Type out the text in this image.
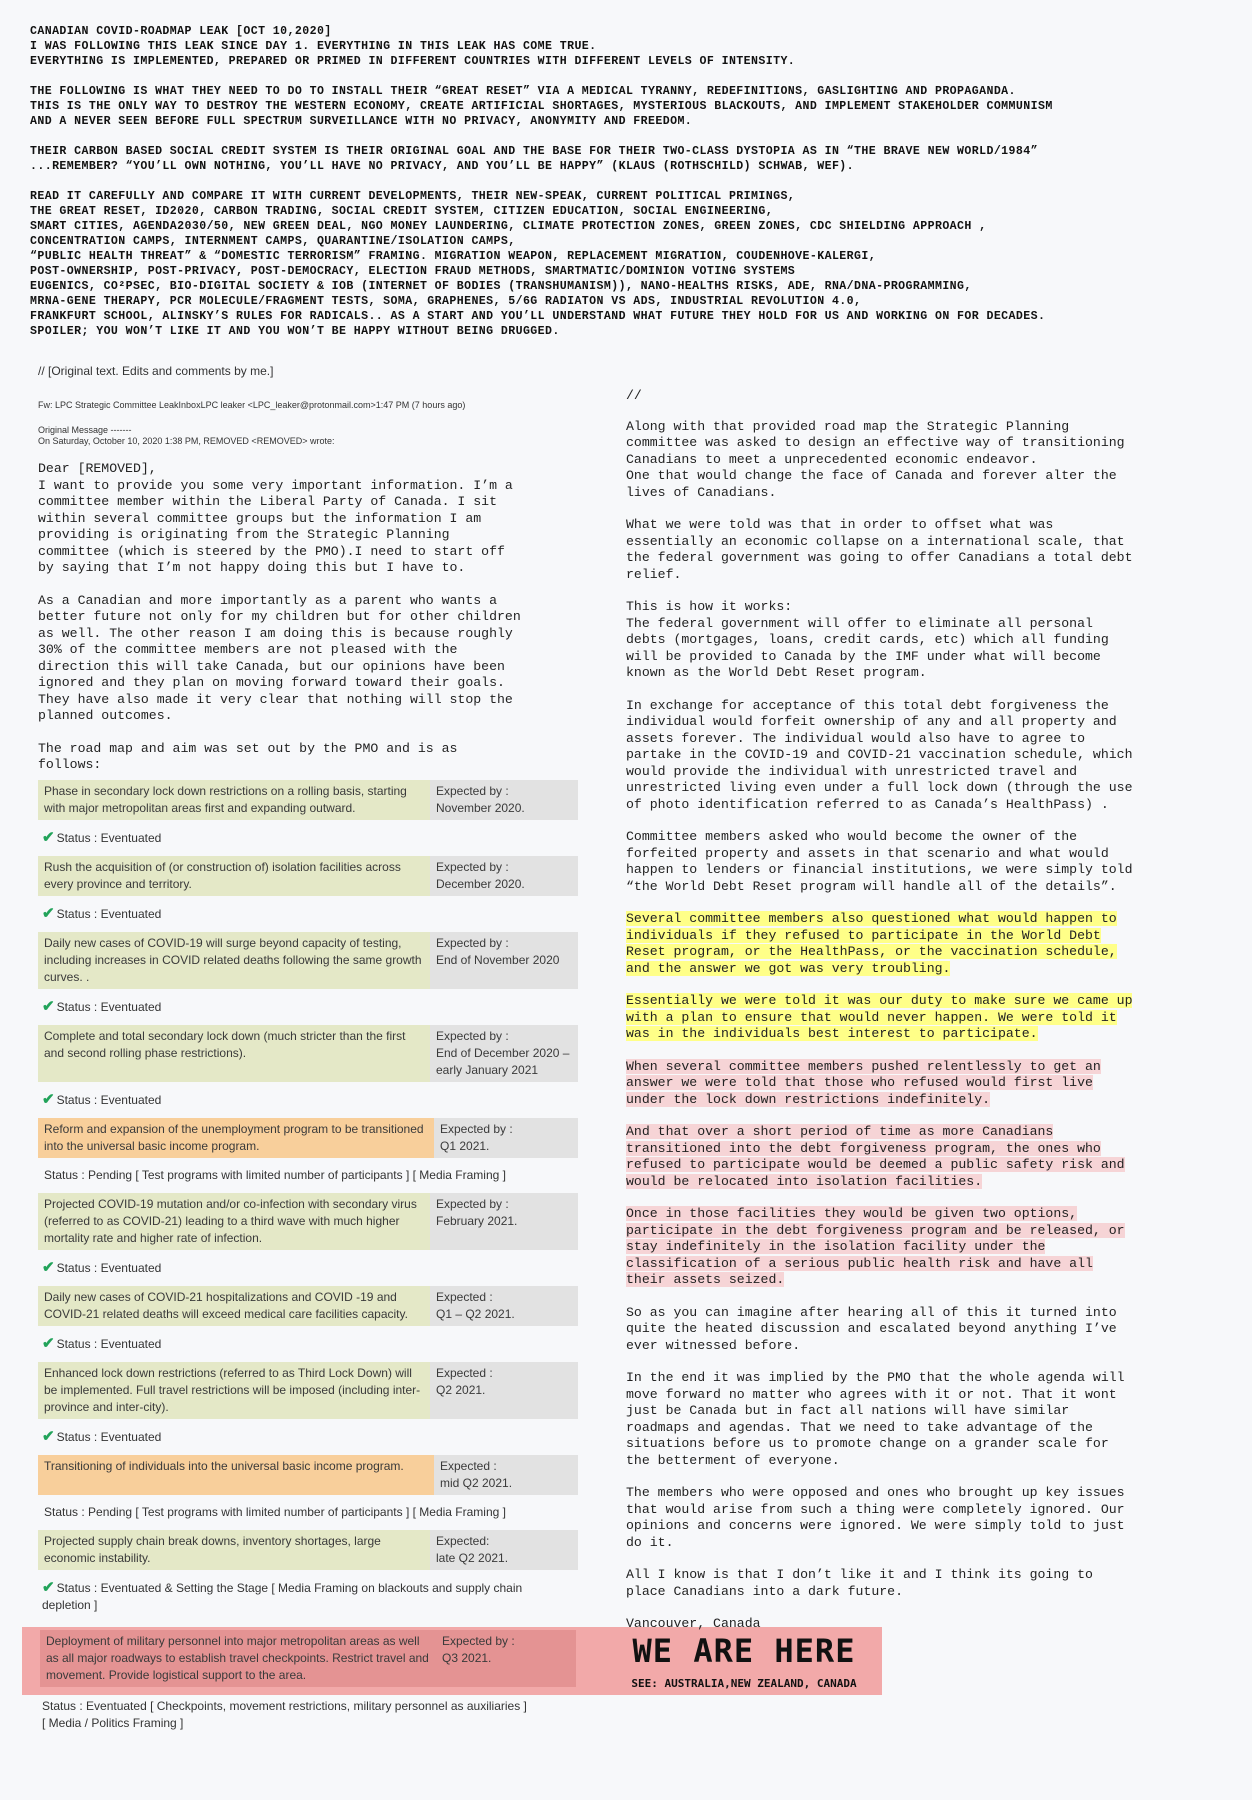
CANADIAN COVID-ROADMAP LEAK [OCT 10,2020]
I WAS FOLLOWING THIS LEAK SINCE DAY 1. EVERYTHING IN THIS LEAK HAS COME TRUE.
EVERYTHING IS IMPLEMENTED, PREPARED OR PRIMED IN DIFFERENT COUNTRIES WITH DIFFERENT LEVELS OF INTENSITY.
THE FOLLOWING IS WHAT THEY NEED TO DO TO INSTALL THEIR “GREAT RESET” VIA A MEDICAL TYRANNY, REDEFINITIONS, GASLIGHTING AND PROPAGANDA.
THIS IS THE ONLY WAY TO DESTROY THE WESTERN ECONOMY, CREATE ARTIFICIAL SHORTAGES, MYSTERIOUS BLACKOUTS, AND IMPLEMENT STAKEHOLDER COMMUNISM
AND A NEVER SEEN BEFORE FULL SPECTRUM SURVEILLANCE WITH NO PRIVACY, ANONYMITY AND FREEDOM.
THEIR CARBON BASED SOCIAL CREDIT SYSTEM IS THEIR ORIGINAL GOAL AND THE BASE FOR THEIR TWO-CLASS DYSTOPIA AS IN “THE BRAVE NEW WORLD/1984”
...REMEMBER? “YOU’LL OWN NOTHING, YOU’LL HAVE NO PRIVACY, AND YOU’LL BE HAPPY” (KLAUS (ROTHSCHILD) SCHWAB, WEF).
READ IT CAREFULLY AND COMPARE IT WITH CURRENT DEVELOPMENTS, THEIR NEW-SPEAK, CURRENT POLITICAL PRIMINGS,
THE GREAT RESET, ID2020, CARBON TRADING, SOCIAL CREDIT SYSTEM, CITIZEN EDUCATION, SOCIAL ENGINEERING,
SMART CITIES, AGENDA2030/50, NEW GREEN DEAL, NGO MONEY LAUNDERING, CLIMATE PROTECTION ZONES, GREEN ZONES, CDC SHIELDING APPROACH ,
CONCENTRATION CAMPS, INTERNMENT CAMPS, QUARANTINE/ISOLATION CAMPS,
“PUBLIC HEALTH THREAT” & “DOMESTIC TERRORISM” FRAMING. MIGRATION WEAPON, REPLACEMENT MIGRATION, COUDENHOVE-KALERGI,
POST-OWNERSHIP, POST-PRIVACY, POST-DEMOCRACY, ELECTION FRAUD METHODS, SMARTMATIC/DOMINION VOTING SYSTEMS
EUGENICS, CO²PSEC, BIO-DIGITAL SOCIETY & IOB (INTERNET OF BODIES (TRANSHUMANISM)), NANO-HEALTHS RISKS, ADE, RNA/DNA-PROGRAMMING,
MRNA-GENE THERAPY, PCR MOLECULE/FRAGMENT TESTS, SOMA, GRAPHENES, 5/6G RADIATON VS ADS, INDUSTRIAL REVOLUTION 4.0,
FRANKFURT SCHOOL, ALINSKY’S RULES FOR RADICALS.. AS A START AND YOU’LL UNDERSTAND WHAT FUTURE THEY HOLD FOR US AND WORKING ON FOR DECADES.
SPOILER; YOU WON’T LIKE IT AND YOU WON’T BE HAPPY WITHOUT BEING DRUGGED.
// [Original text. Edits and comments by me.]
Fw: LPC Strategic Committee LeakInboxLPC leaker <LPC_leaker@protonmail.com>1:47 PM (7 hours ago)
Original Message -------
On Saturday, October 10, 2020 1:38 PM, REMOVED <REMOVED> wrote:
Dear [REMOVED],
I want to provide you some very important information. I’m a
committee member within the Liberal Party of Canada. I sit
within several committee groups but the information I am
providing is originating from the Strategic Planning
committee (which is steered by the PMO).I need to start off
by saying that I’m not happy doing this but I have to.
As a Canadian and more importantly as a parent who wants a
better future not only for my children but for other children
as well. The other reason I am doing this is because roughly
30% of the committee members are not pleased with the
direction this will take Canada, but our opinions have been
ignored and they plan on moving forward toward their goals.
They have also made it very clear that nothing will stop the
planned outcomes.
The road map and aim was set out by the PMO and is as
follows:
Phase in secondary lock down restrictions on a rolling basis, starting with major metropolitan areas first and expanding outward.
Expected by :
November 2020.
✔ Status : Eventuated
Rush the acquisition of (or construction of) isolation facilities across every province and territory.
Expected by :
December 2020.
✔ Status : Eventuated
Daily new cases of COVID-19 will surge beyond capacity of testing, including increases in COVID related deaths following the same growth curves. .
Expected by :
End of November 2020
✔ Status : Eventuated
Complete and total secondary lock down (much stricter than the first and second rolling phase restrictions).
Expected by :
End of December 2020 –
early January 2021
✔ Status : Eventuated
Reform and expansion of the unemployment program to be transitioned into the universal basic income program.
Expected by :
Q1 2021.
Status : Pending [ Test programs with limited number of participants ] [ Media Framing ]
Projected COVID-19 mutation and/or co-infection with secondary virus (referred to as COVID-21) leading to a third wave with much higher mortality rate and higher rate of infection.
Expected by :
February 2021.
✔ Status : Eventuated
Daily new cases of COVID-21 hospitalizations and COVID -19 and COVID-21 related deaths will exceed medical care facilities capacity.
Expected :
Q1 – Q2 2021.
✔ Status : Eventuated
Enhanced lock down restrictions (referred to as Third Lock Down) will be implemented. Full travel restrictions will be imposed (including inter-province and inter-city).
Expected :
Q2 2021.
✔ Status : Eventuated
Transitioning of individuals into the universal basic income program.	Expected :
mid Q2 2021.
Status : Pending [ Test programs with limited number of participants ] [ Media Framing ]
Projected supply chain break downs, inventory shortages, large economic instability.
Expected:
late Q2 2021.
✔ Status : Eventuated & Setting the Stage [ Media Framing on blackouts and supply chain depletion ]
Deployment of military personnel into major metropolitan areas as well as all major roadways to establish travel checkpoints. Restrict travel and movement. Provide logistical support to the area.
Expected by :
Q3 2021.	WE ARE HERE
SEE: AUSTRALIA,NEW ZEALAND, CANADA
Status : Eventuated [ Checkpoints, movement restrictions, military personnel as auxiliaries ]
[ Media / Politics Framing ]
//
Along with that provided road map the Strategic Planning
committee was asked to design an effective way of transitioning
Canadians to meet a unprecedented economic endeavor.
One that would change the face of Canada and forever alter the
lives of Canadians.
What we were told was that in order to offset what was
essentially an economic collapse on a international scale, that
the federal government was going to offer Canadians a total debt
relief.
This is how it works:
The federal government will offer to eliminate all personal
debts (mortgages, loans, credit cards, etc) which all funding
will be provided to Canada by the IMF under what will become
known as the World Debt Reset program.
In exchange for acceptance of this total debt forgiveness the
individual would forfeit ownership of any and all property and
assets forever. The individual would also have to agree to
partake in the COVID-19 and COVID-21 vaccination schedule, which
would provide the individual with unrestricted travel and
unrestricted living even under a full lock down (through the use
of photo identification referred to as Canada’s HealthPass) .
Committee members asked who would become the owner of the
forfeited property and assets in that scenario and what would
happen to lenders or financial institutions, we were simply told
“the World Debt Reset program will handle all of the details”.
Several committee members also questioned what would happen to
individuals if they refused to participate in the World Debt
Reset program, or the HealthPass, or the vaccination schedule,
and the answer we got was very troubling.
Essentially we were told it was our duty to make sure we came up
with a plan to ensure that would never happen. We were told it
was in the individuals best interest to participate.
When several committee members pushed relentlessly to get an
answer we were told that those who refused would first live
under the lock down restrictions indefinitely.
And that over a short period of time as more Canadians
transitioned into the debt forgiveness program, the ones who
refused to participate would be deemed a public safety risk and
would be relocated into isolation facilities.
Once in those facilities they would be given two options,
participate in the debt forgiveness program and be released, or
stay indefinitely in the isolation facility under the
classification of a serious public health risk and have all
their assets seized.
So as you can imagine after hearing all of this it turned into
quite the heated discussion and escalated beyond anything I’ve
ever witnessed before.
In the end it was implied by the PMO that the whole agenda will
move forward no matter who agrees with it or not. That it wont
just be Canada but in fact all nations will have similar
roadmaps and agendas. That we need to take advantage of the
situations before us to promote change on a grander scale for
the betterment of everyone.
The members who were opposed and ones who brought up key issues
that would arise from such a thing were completely ignored. Our
opinions and concerns were ignored. We were simply told to just
do it.
All I know is that I don’t like it and I think its going to
place Canadians into a dark future.
Vancouver, Canada
